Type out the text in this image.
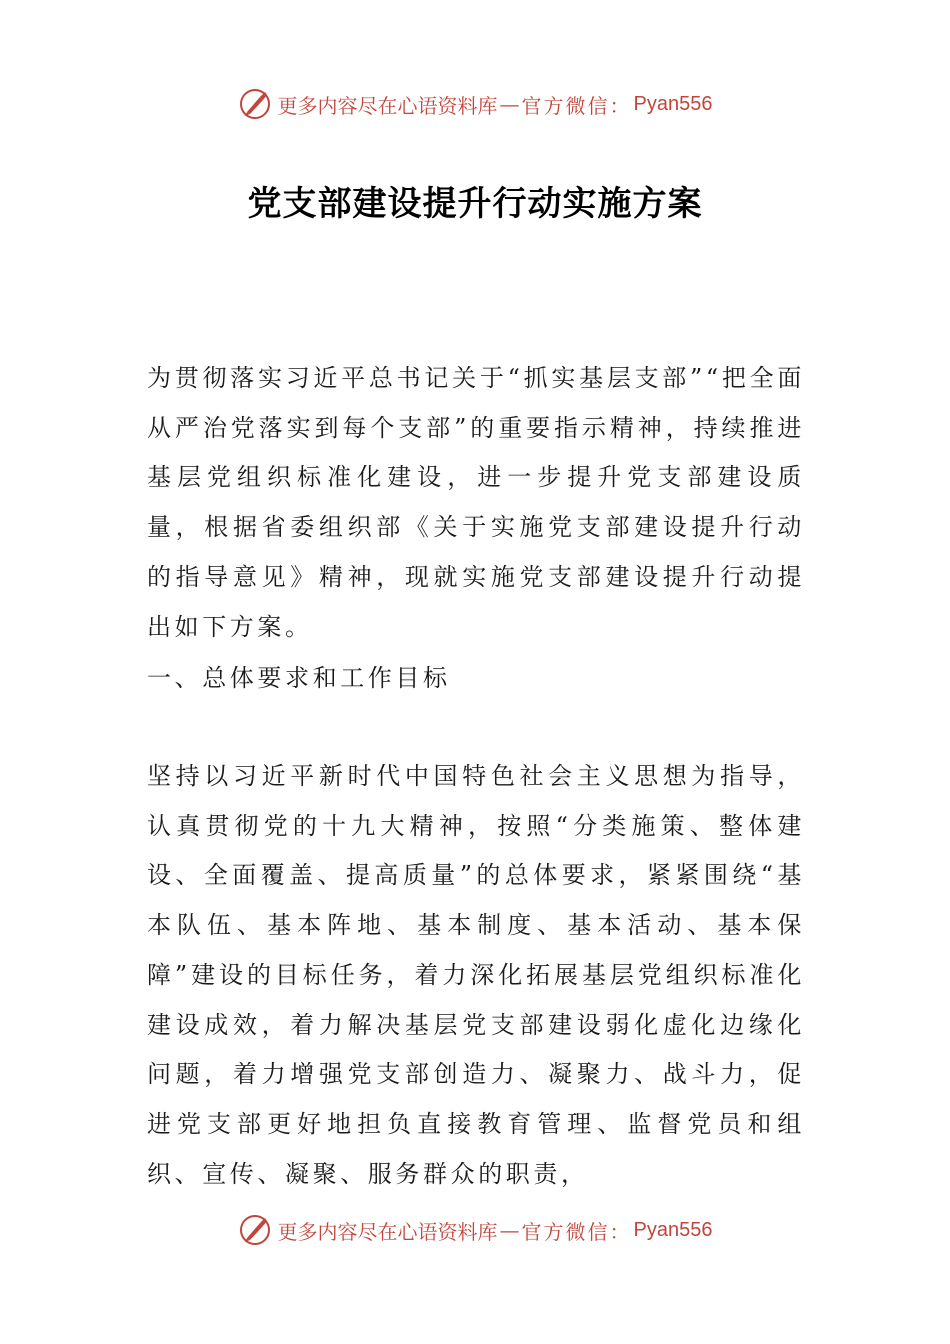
更多内容尽在心语资料库 — 官方微信： Pyan556
党支部建设提升行动实施方案

为贯彻落实习近平总书记关于“抓实基层支部”“把全面从严治党落实到每个支部”的重要指示精神，持续推进基层党组织标准化建设，进一步提升党支部建设质量，根据省委组织部《关于实施党支部建设提升行动的指导意见》精神，现就实施党支部建设提升行动提出如下方案。

一、总体要求和工作目标

坚持以习近平新时代中国特色社会主义思想为指导，认真贯彻党的十九大精神，按照“分类施策、整体建设、全面覆盖、提高质量”的总体要求，紧紧围绕“基本队伍、基本阵地、基本制度、基本活动、基本保障”建设的目标任务，着力深化拓展基层党组织标准化建设成效，着力解决基层党支部建设弱化虚化边缘化问题，着力增强党支部创造力、凝聚力、战斗力，促进党支部更好地担负直接教育管理、监督党员和组织、宣传、凝聚、服务群众的职责，

更多内容尽在心语资料库 — 官方微信： Pyan556
